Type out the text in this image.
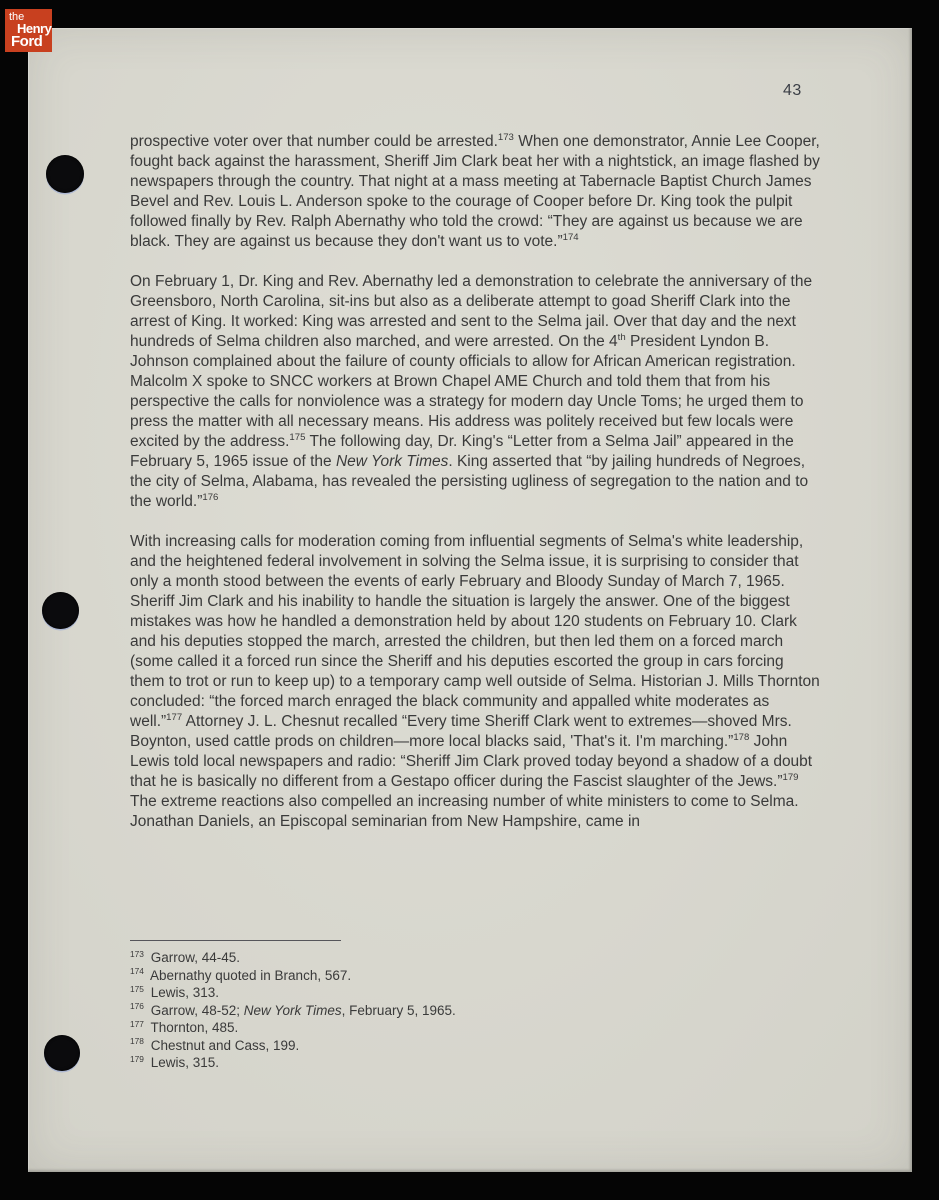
the
Henry
Ford
43

prospective voter over that number could be arrested.$^{173}$ When one demonstrator, Annie Lee Cooper, fought back against the harassment, Sheriff Jim Clark beat her with a nightstick, an image flashed by newspapers through the country. That night at a mass meeting at Tabernacle Baptist Church James Bevel and Rev. Louis L. Anderson spoke to the courage of Cooper before Dr. King took the pulpit followed finally by Rev. Ralph Abernathy who told the crowd: “They are against us because we are black. They are against us because they don't want us to vote.”$^{174}$

On February 1, Dr. King and Rev. Abernathy led a demonstration to celebrate the anniversary of the Greensboro, North Carolina, sit-ins but also as a deliberate attempt to goad Sheriff Clark into the arrest of King. It worked: King was arrested and sent to the Selma jail. Over that day and the next hundreds of Selma children also marched, and were arrested. On the 4th President Lyndon B. Johnson complained about the failure of county officials to allow for African American registration. Malcolm X spoke to SNCC workers at Brown Chapel AME Church and told them that from his perspective the calls for nonviolence was a strategy for modern day Uncle Toms; he urged them to press the matter with all necessary means. His address was politely received but few locals were excited by the address.$^{175}$ The following day, Dr. King's “Letter from a Selma Jail” appeared in the February 5, 1965 issue of the New York Times. King asserted that “by jailing hundreds of Negroes, the city of Selma, Alabama, has revealed the persisting ugliness of segregation to the nation and to the world.”$^{176}$

With increasing calls for moderation coming from influential segments of Selma's white leadership, and the heightened federal involvement in solving the Selma issue, it is surprising to consider that only a month stood between the events of early February and Bloody Sunday of March 7, 1965. Sheriff Jim Clark and his inability to handle the situation is largely the answer. One of the biggest mistakes was how he handled a demonstration held by about 120 students on February 10. Clark and his deputies stopped the march, arrested the children, but then led them on a forced march (some called it a forced run since the Sheriff and his deputies escorted the group in cars forcing them to trot or run to keep up) to a temporary camp well outside of Selma. Historian J. Mills Thornton concluded: “the forced march enraged the black community and appalled white moderates as well.”$^{177}$ Attorney J. L. Chesnut recalled “Every time Sheriff Clark went to extremes—shoved Mrs. Boynton, used cattle prods on children—more local blacks said, 'That's it. I'm marching.”$^{178}$ John Lewis told local newspapers and radio: “Sheriff Jim Clark proved today beyond a shadow of a doubt that he is basically no different from a Gestapo officer during the Fascist slaughter of the Jews.”$^{179}$ The extreme reactions also compelled an increasing number of white ministers to come to Selma. Jonathan Daniels, an Episcopal seminarian from New Hampshire, came in

$^{173}$ Garrow, 44-45.
$^{174}$ Abernathy quoted in Branch, 567.
$^{175}$ Lewis, 313.
$^{176}$ Garrow, 48-52; New York Times, February 5, 1965.
$^{177}$ Thornton, 485.
$^{178}$ Chestnut and Cass, 199.
$^{179}$ Lewis, 315.
